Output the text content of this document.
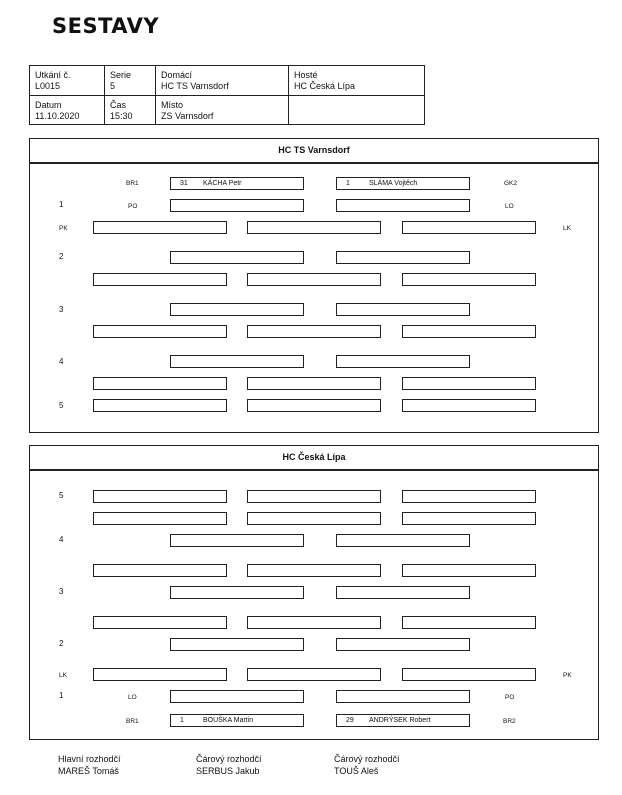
SESTAVY
Utkání č.
L0015
Serie
5
Domácí
HC TS Varnsdorf
Hosté
HC Česká Lípa
Datum
11.10.2020
Čas
15:30
Místo
ZS Varnsdorf
HC TS Varnsdorf
BR1	31 KÁCHA Petr	1	SLÁMA Vojtěch	GK2
1	PO	LO
PK	LK
2
3
4
5
HC Česká Lípa
5
4
3
2
LK	PK
1	LO	PO
BR1	1	BOUŠKA Martin	29 ANDRÝSEK Robert	BR2
Hlavní rozhodčí
MAREŠ Tomáš
Čárový rozhodčí
SERBUS Jakub
Čárový rozhodčí
TOUŠ Aleš
